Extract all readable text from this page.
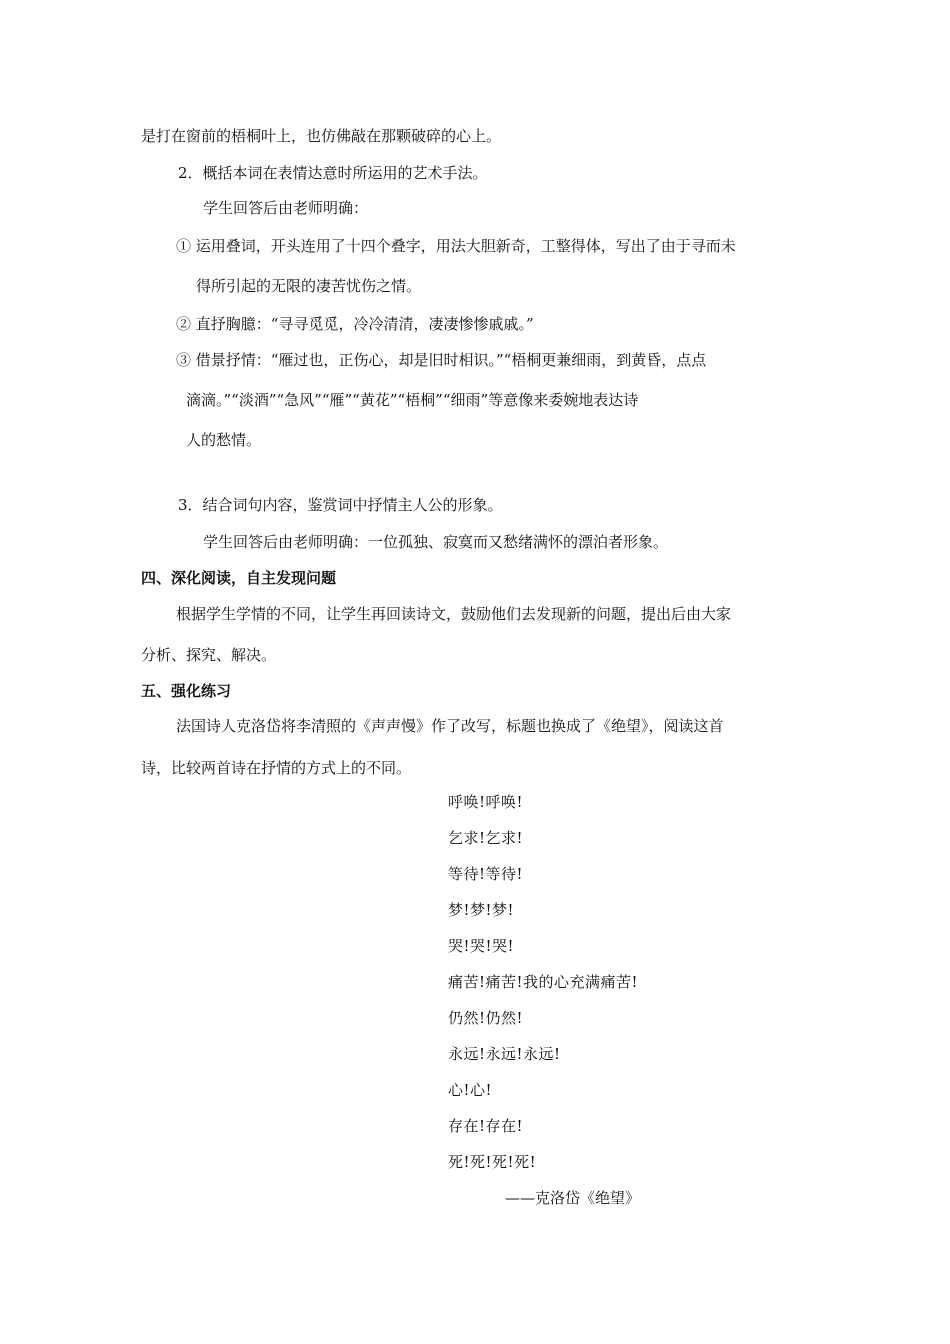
是打在窗前的梧桐叶上，也仿佛敲在那颗破碎的心上。
2．概括本词在表情达意时所运用的艺术手法。
学生回答后由老师明确：
① 运用叠词，开头连用了十四个叠字，用法大胆新奇，工整得体，写出了由于寻而未
得所引起的无限的凄苦忧伤之情。
② 直抒胸臆：“寻寻觅觅，冷冷清清，凄凄惨惨戚戚。”
③ 借景抒情：“雁过也，正伤心，却是旧时相识。”“梧桐更兼细雨，到黄昏，点点
滴滴。”“淡酒”“急风”“雁”“黄花”“梧桐”“细雨”等意像来委婉地表达诗
人的愁情。
3．结合词句内容，鉴赏词中抒情主人公的形象。
学生回答后由老师明确：一位孤独、寂寞而又愁绪满怀的漂泊者形象。
四、深化阅读，自主发现问题
根据学生学情的不同，让学生再回读诗文，鼓励他们去发现新的问题，提出后由大家
分析、探究、解决。
五、强化练习
法国诗人克洛岱将李清照的《声声慢》作了改写，标题也换成了《绝望》，阅读这首
诗，比较两首诗在抒情的方式上的不同。
呼唤!呼唤!
乞求!乞求!
等待!等待!
梦!梦!梦!
哭!哭!哭!
痛苦!痛苦!我的心充满痛苦!
仍然!仍然!
永远!永远!永远!
心!心!
存在!存在!
死!死!死!死!
——克洛岱《绝望》
